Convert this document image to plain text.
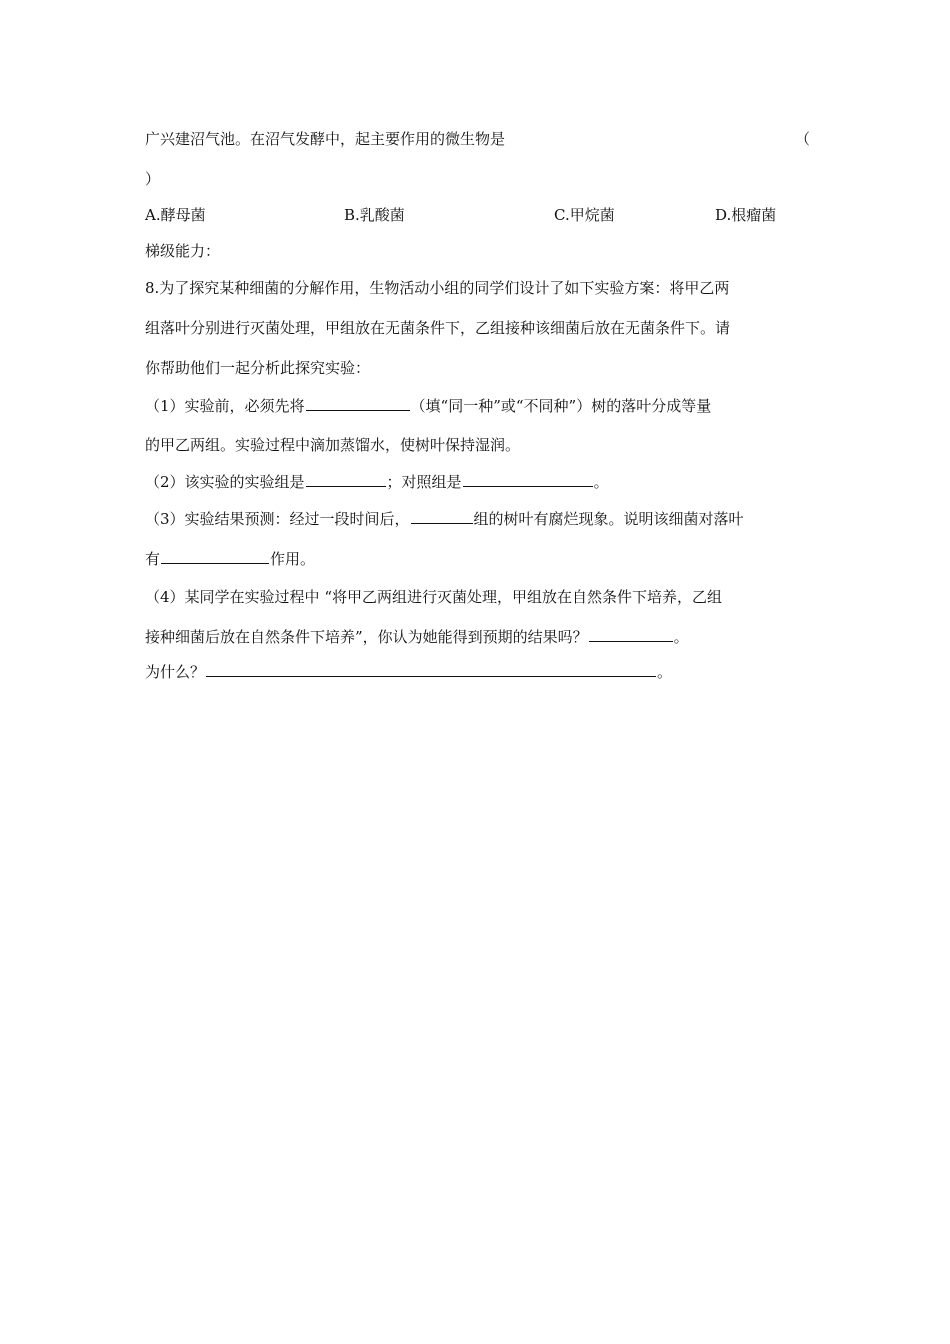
广兴建沼气池。在沼气发酵中，起主要作用的微生物是	（
）
A.酵母菌	B.乳酸菌	C.甲烷菌	D.根瘤菌
梯级能力：
8.为了探究某种细菌的分解作用，生物活动小组的同学们设计了如下实验方案：将甲乙两
组落叶分别进行灭菌处理，甲组放在无菌条件下，乙组接种该细菌后放在无菌条件下。请
你帮助他们一起分析此探究实验：
（1）实验前，必须先将	（填“同一种”或“不同种”）树的落叶分成等量
的甲乙两组。实验过程中滴加蒸馏水，使树叶保持湿润。
（2）该实验的实验组是	；对照组是	。
（3）实验结果预测：经过一段时间后，	组的树叶有腐烂现象。说明该细菌对落叶
有	作用。
（4）某同学在实验过程中 “将甲乙两组进行灭菌处理，甲组放在自然条件下培养，乙组
接种细菌后放在自然条件下培养”，你认为她能得到预期的结果吗？	。
为什么？	。
